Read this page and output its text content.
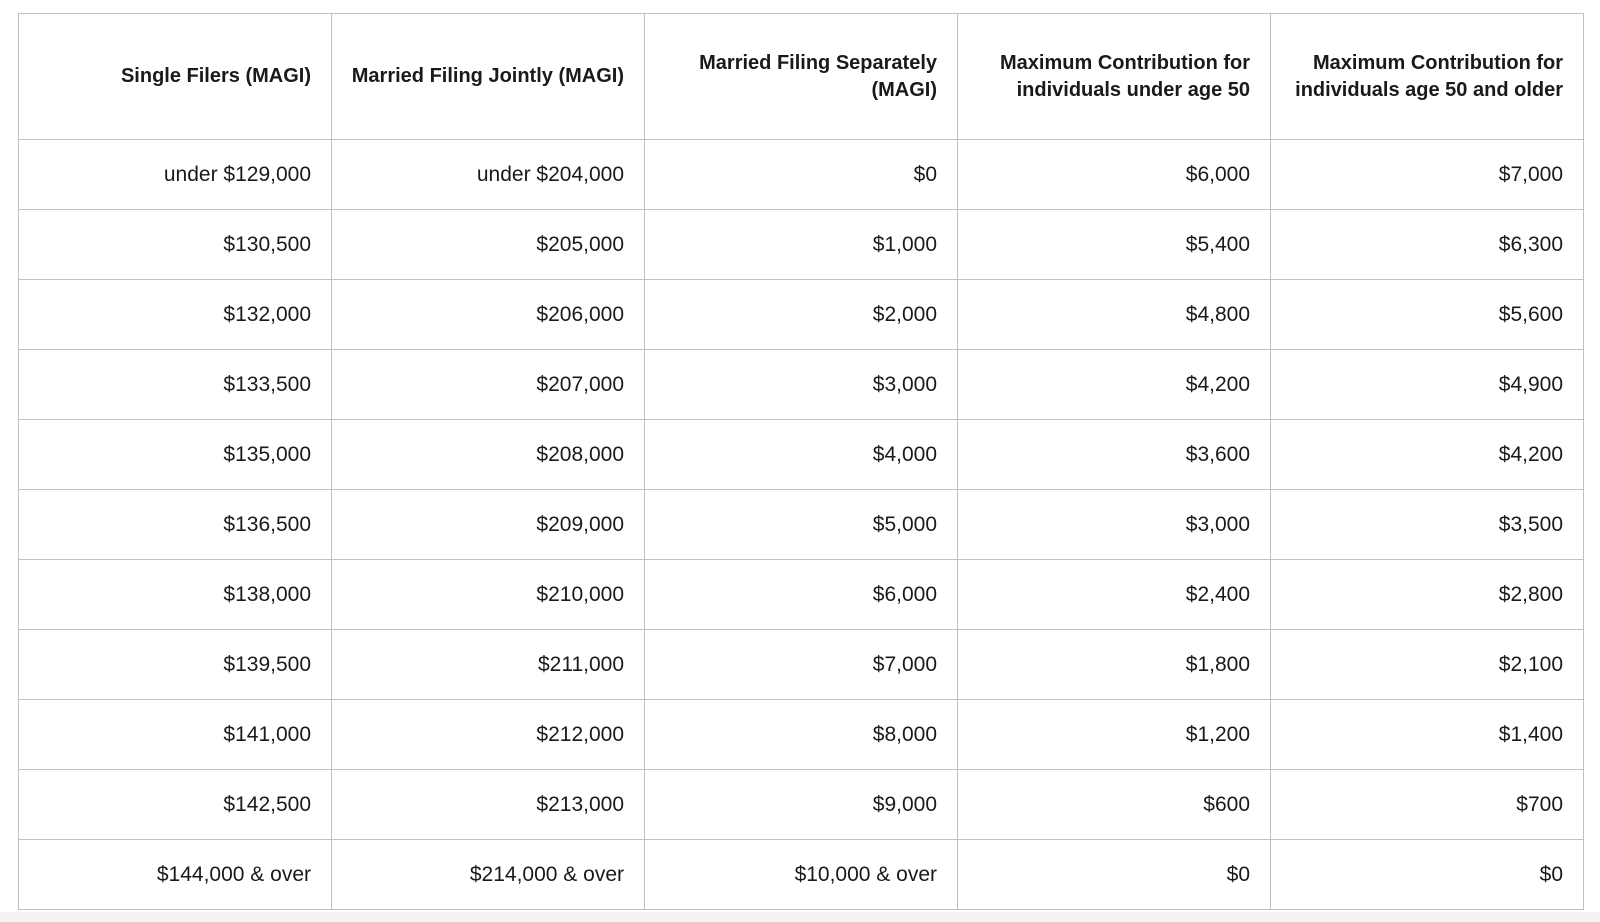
Single Filers (MAGI)	Married Filing Jointly (MAGI)	Married Filing Separately (MAGI)	Maximum Contribution for individuals under age 50	Maximum Contribution for individuals age 50 and older
under $129,000	under $204,000	$0	$6,000	$7,000
$130,500	$205,000	$1,000	$5,400	$6,300
$132,000	$206,000	$2,000	$4,800	$5,600
$133,500	$207,000	$3,000	$4,200	$4,900
$135,000	$208,000	$4,000	$3,600	$4,200
$136,500	$209,000	$5,000	$3,000	$3,500
$138,000	$210,000	$6,000	$2,400	$2,800
$139,500	$211,000	$7,000	$1,800	$2,100
$141,000	$212,000	$8,000	$1,200	$1,400
$142,500	$213,000	$9,000	$600	$700
$144,000 & over	$214,000 & over	$10,000 & over	$0	$0
